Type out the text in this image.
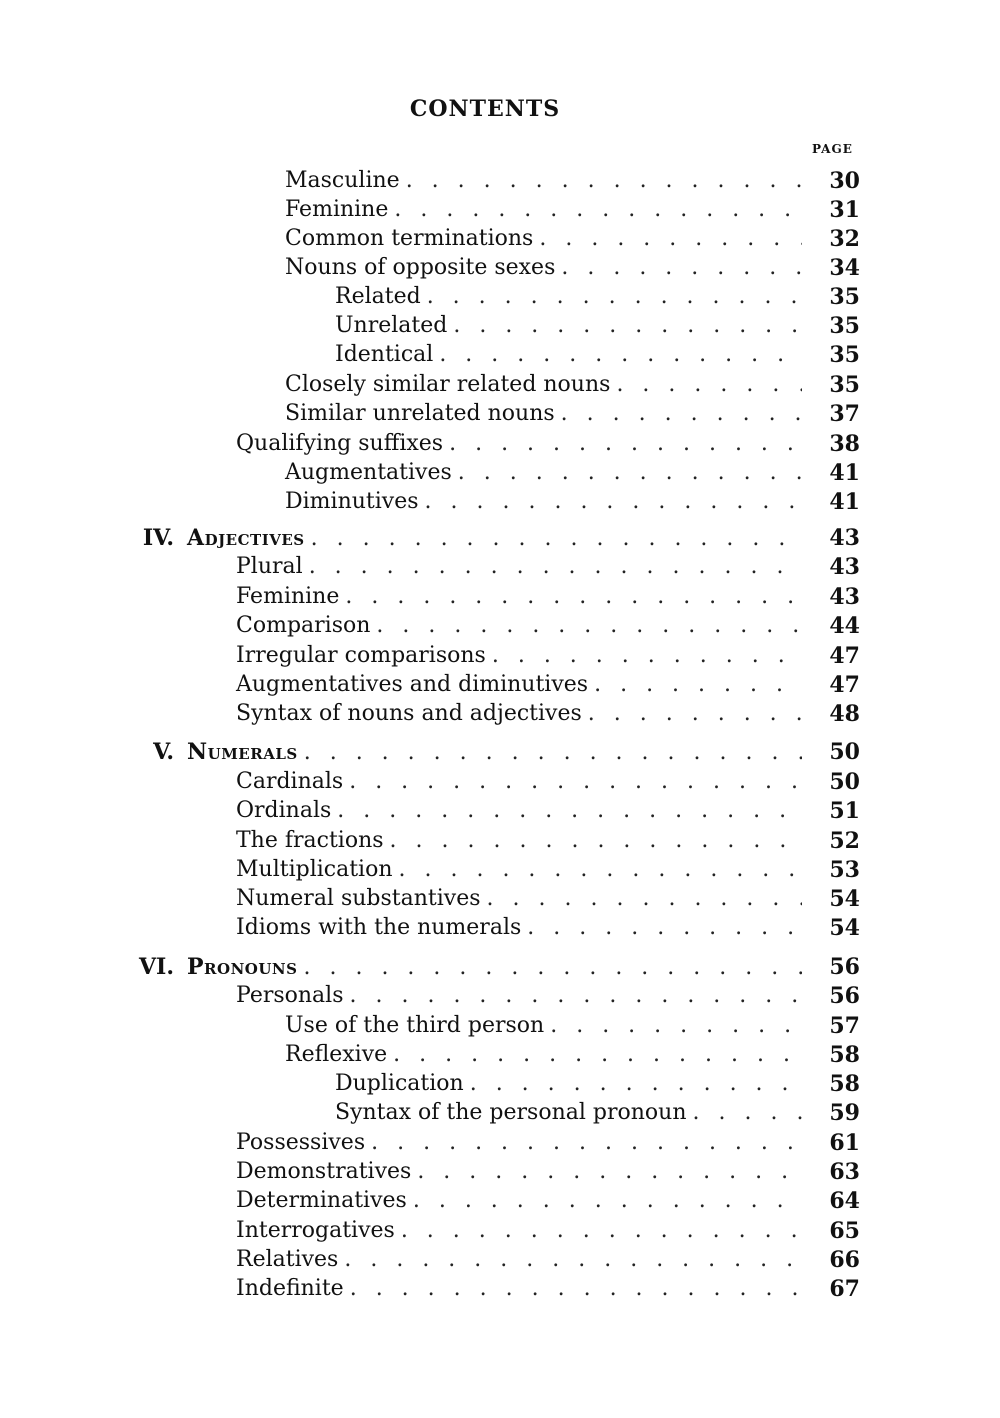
CONTENTS
PAGE
Masculine . . .	30
Feminine . . .	31
Common terminations . . .	32
Nouns of opposite sexes . . .	34
Related . . .	35
Unrelated . . .	35
Identical . . .	35
Closely similar related nouns . . .	35
Similar unrelated nouns . . .	37
Qualifying suffixes . . .	38
Augmentatives . . .	41
Diminutives . . .	41
IV. Adjectives . . .	43
Plural . . .	43
Feminine . . .	43
Comparison . . .	44
Irregular comparisons . . .	47
Augmentatives and diminutives . . .	47
Syntax of nouns and adjectives . . .	48
V. Numerals . . .	50
Cardinals . . .	50
Ordinals . . .	51
The fractions . . .	52
Multiplication . . .	53
Numeral substantives . . .	54
Idioms with the numerals . . .	54
VI. Pronouns . . .	56
Personals . . .	56
Use of the third person . . .	57
Reflexive . . .	58
Duplication . . .	58
Syntax of the personal pronoun . . .	59
Possessives . . .	61
Demonstratives . . .	63
Determinatives . . .	64
Interrogatives . . .	65
Relatives . . .	66
Indefinite . . .	67
